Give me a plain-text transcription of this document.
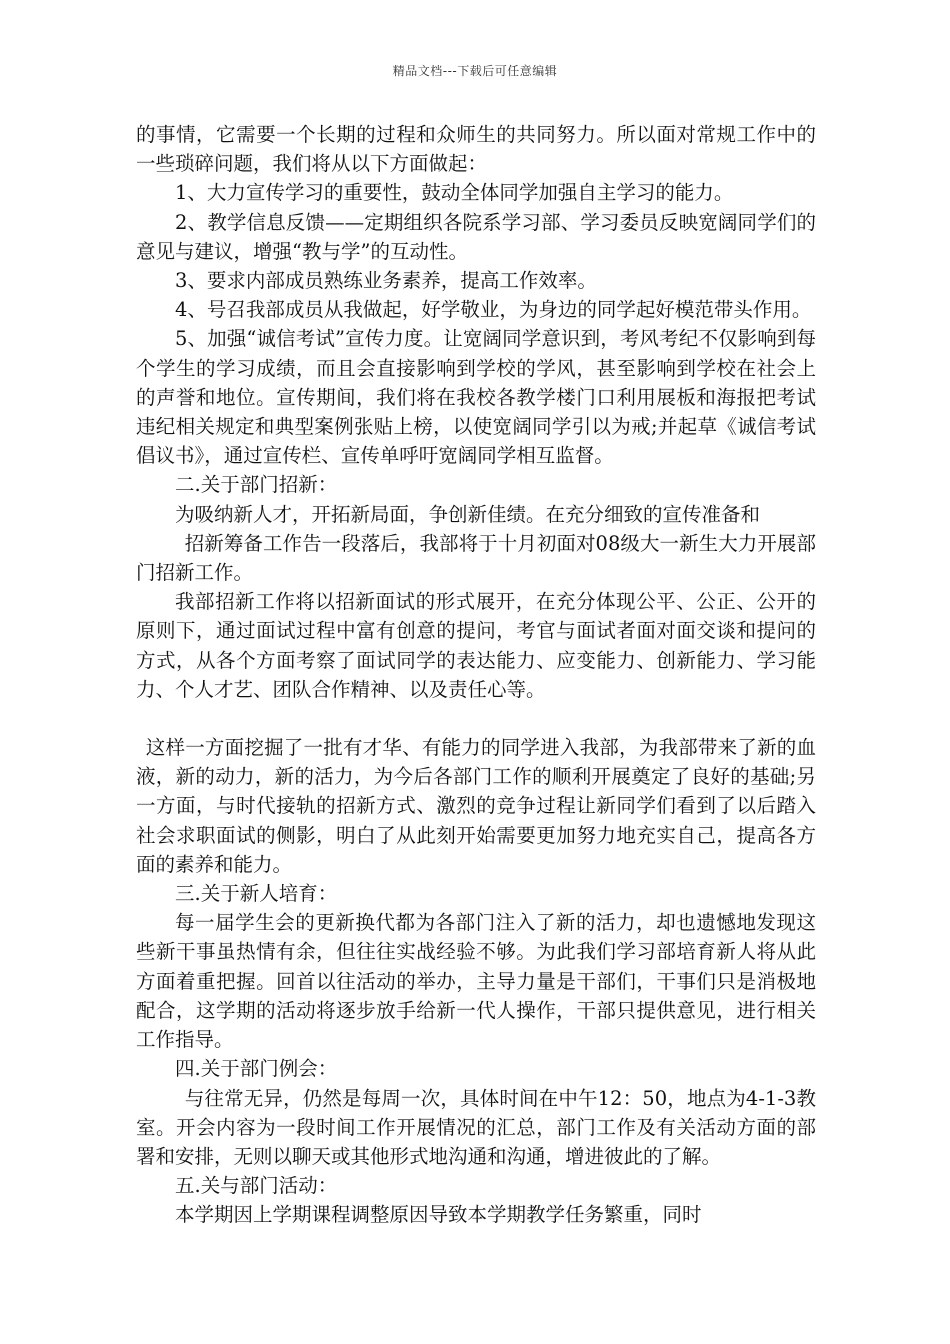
精品文档---下载后可任意编辑

的事情，它需要一个长期的过程和众师生的共同努力。所以面对常规工作中的一些琐碎问题，我们将从以下方面做起：

1、大力宣传学习的重要性，鼓动全体同学加强自主学习的能力。

2、教学信息反馈——定期组织各院系学习部、学习委员反映宽阔同学们的意见与建议，增强“教与学”的互动性。

3、要求内部成员熟练业务素养，提高工作效率。

4、号召我部成员从我做起，好学敬业，为身边的同学起好模范带头作用。

5、加强“诚信考试”宣传力度。让宽阔同学意识到，考风考纪不仅影响到每个学生的学习成绩，而且会直接影响到学校的学风，甚至影响到学校在社会上的声誉和地位。宣传期间，我们将在我校各教学楼门口利用展板和海报把考试违纪相关规定和典型案例张贴上榜，以使宽阔同学引以为戒;并起草《诚信考试倡议书》，通过宣传栏、宣传单呼吁宽阔同学相互监督。

二.关于部门招新：

为吸纳新人才，开拓新局面，争创新佳绩。在充分细致的宣传准备和

招新筹备工作告一段落后，我部将于十月初面对08级大一新生大力开展部门招新工作。

我部招新工作将以招新面试的形式展开，在充分体现公平、公正、公开的原则下，通过面试过程中富有创意的提问，考官与面试者面对面交谈和提问的方式，从各个方面考察了面试同学的表达能力、应变能力、创新能力、学习能力、个人才艺、团队合作精神、以及责任心等。

这样一方面挖掘了一批有才华、有能力的同学进入我部，为我部带来了新的血液，新的动力，新的活力，为今后各部门工作的顺利开展奠定了良好的基础;另一方面，与时代接轨的招新方式、激烈的竞争过程让新同学们看到了以后踏入社会求职面试的侧影，明白了从此刻开始需要更加努力地充实自己，提高各方面的素养和能力。

三.关于新人培育：

每一届学生会的更新换代都为各部门注入了新的活力，却也遗憾地发现这些新干事虽热情有余，但往往实战经验不够。为此我们学习部培育新人将从此方面着重把握。回首以往活动的举办，主导力量是干部们，干事们只是消极地配合，这学期的活动将逐步放手给新一代人操作，干部只提供意见，进行相关工作指导。

四.关于部门例会：

与往常无异，仍然是每周一次，具体时间在中午12：50，地点为4-1-3教室。开会内容为一段时间工作开展情况的汇总，部门工作及有关活动方面的部署和安排，无则以聊天或其他形式地沟通和沟通，增进彼此的了解。

五.关与部门活动：

本学期因上学期课程调整原因导致本学期教学任务繁重，同时
